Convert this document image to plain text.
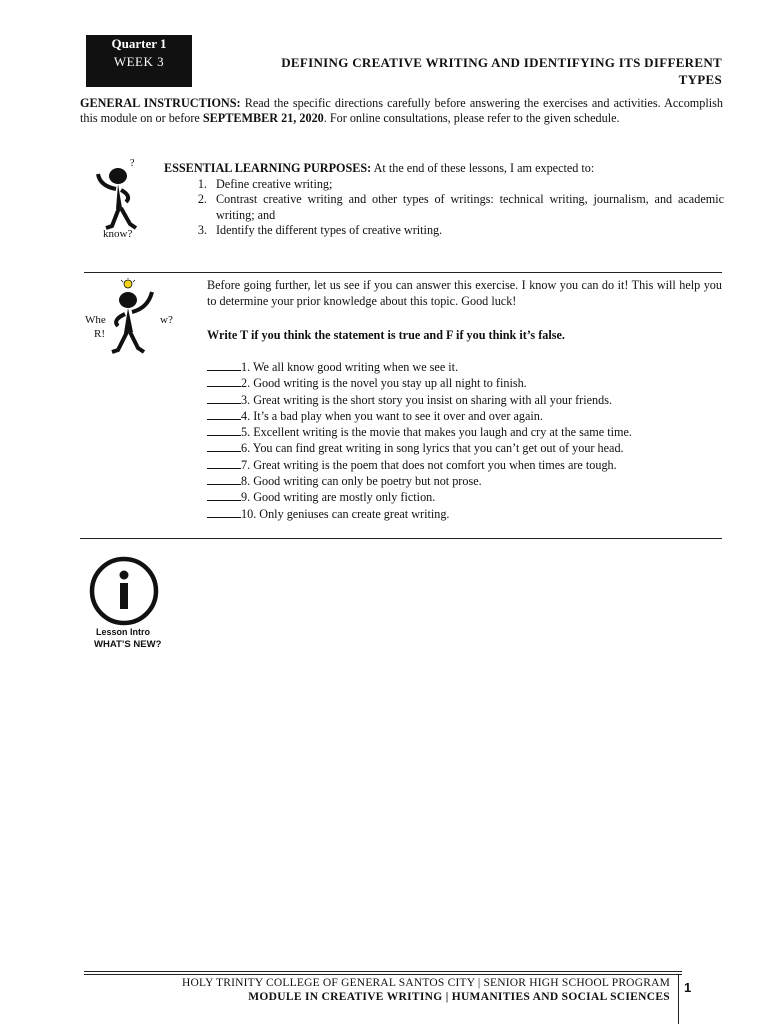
Quarter 1
WEEK 3	DEFINING CREATIVE WRITING AND IDENTIFYING ITS DIFFERENT
TYPES
GENERAL INSTRUCTIONS: Read the specific directions carefully before answering the exercises and activities. Accomplish this module on or before SEPTEMBER 21, 2020. For online consultations, please refer to the given schedule.
?
know?
ESSENTIAL LEARNING PURPOSES: At the end of these lessons, I am expected to:
1. Define creative writing;
2. Contrast creative writing and other types of writings: technical writing, journalism, and academic writing; and
3. Identify the different types of creative writing.
Whe	w?
R!
Before going further, let us see if you can answer this exercise. I know you can do it! This will help you to determine your prior knowledge about this topic. Good luck!
Write T if you think the statement is true and F if you think it’s false.
1. We all know good writing when we see it.
2. Good writing is the novel you stay up all night to finish.
3. Great writing is the short story you insist on sharing with all your friends.
4. It’s a bad play when you want to see it over and over again.
5. Excellent writing is the movie that makes you laugh and cry at the same time.
6. You can find great writing in song lyrics that you can’t get out of your head.
7. Great writing is the poem that does not comfort you when times are tough.
8. Good writing can only be poetry but not prose.
9. Good writing are mostly only fiction.
10. Only geniuses can create great writing.
Lesson Intro
WHAT’S NEW?
HOLY TRINITY COLLEGE OF GENERAL SANTOS CITY | SENIOR HIGH SCHOOL PROGRAM
MODULE IN CREATIVE WRITING | HUMANITIES AND SOCIAL SCIENCES
1
